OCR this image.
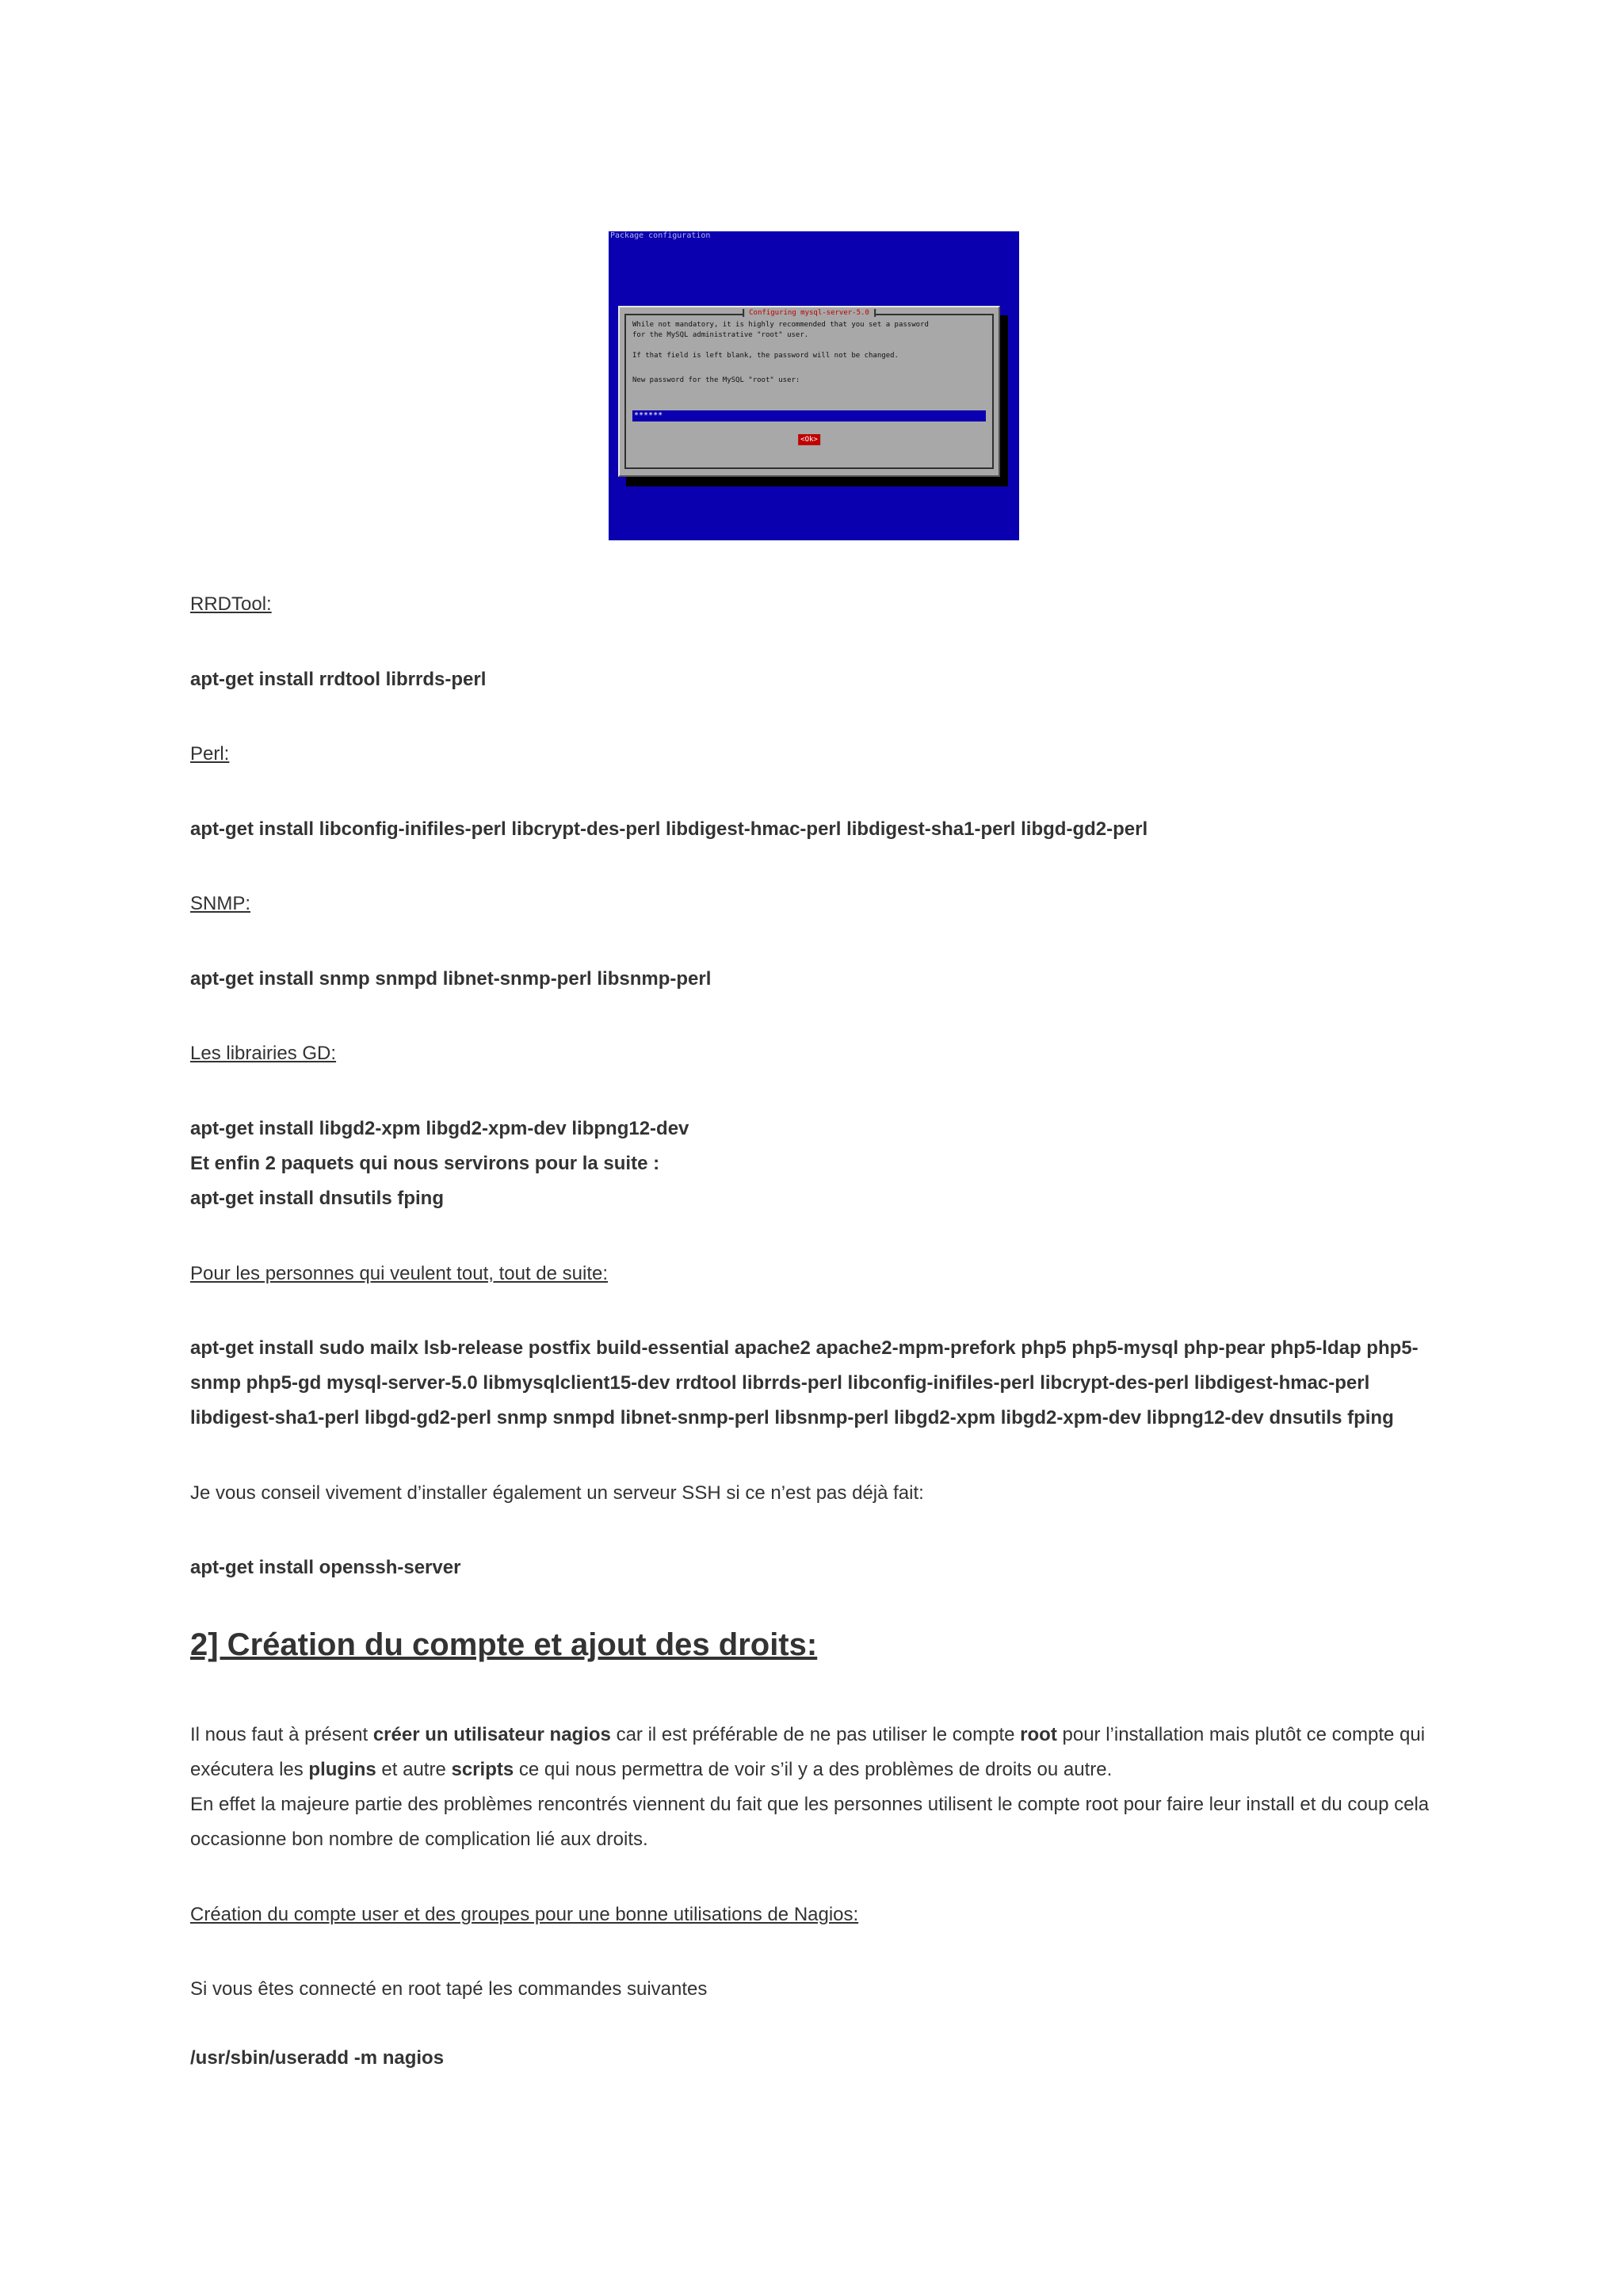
Package configuration
Configuring mysql-server-5.0
While not mandatory, it is highly recommended that you set a password
for the MySQL administrative "root" user.
If that field is left blank, the password will not be changed.
New password for the MySQL "root" user:
******
<Ok>
RRDTool:
apt-get install rrdtool librrds-perl
Perl:
apt-get install libconfig-inifiles-perl libcrypt-des-perl libdigest-hmac-perl libdigest-sha1-perl libgd-gd2-perl
SNMP:
apt-get install snmp snmpd libnet-snmp-perl libsnmp-perl
Les librairies GD:
apt-get install libgd2-xpm libgd2-xpm-dev libpng12-dev
Et enfin 2 paquets qui nous servirons pour la suite :
apt-get install dnsutils fping
Pour les personnes qui veulent tout, tout de suite:
apt-get install sudo mailx lsb-release postfix build-essential apache2 apache2-mpm-prefork php5 php5-mysql php-pear php5-ldap php5-
snmp php5-gd mysql-server-5.0 libmysqlclient15-dev rrdtool librrds-perl libconfig-inifiles-perl libcrypt-des-perl libdigest-hmac-perl
libdigest-sha1-perl libgd-gd2-perl snmp snmpd libnet-snmp-perl libsnmp-perl libgd2-xpm libgd2-xpm-dev libpng12-dev dnsutils fping
Je vous conseil vivement d’installer également un serveur SSH si ce n’est pas déjà fait:
apt-get install openssh-server
2] Création du compte et ajout des droits:
Il nous faut à présent créer un utilisateur nagios car il est préférable de ne pas utiliser le compte root pour l’installation mais plutôt ce compte qui
exécutera les plugins et autre scripts ce qui nous permettra de voir s’il y a des problèmes de droits ou autre.
En effet la majeure partie des problèmes rencontrés viennent du fait que les personnes utilisent le compte root pour faire leur install et du coup cela
occasionne bon nombre de complication lié aux droits.
Création du compte user et des groupes pour une bonne utilisations de Nagios:
Si vous êtes connecté en root tapé les commandes suivantes
/usr/sbin/useradd -m nagios
